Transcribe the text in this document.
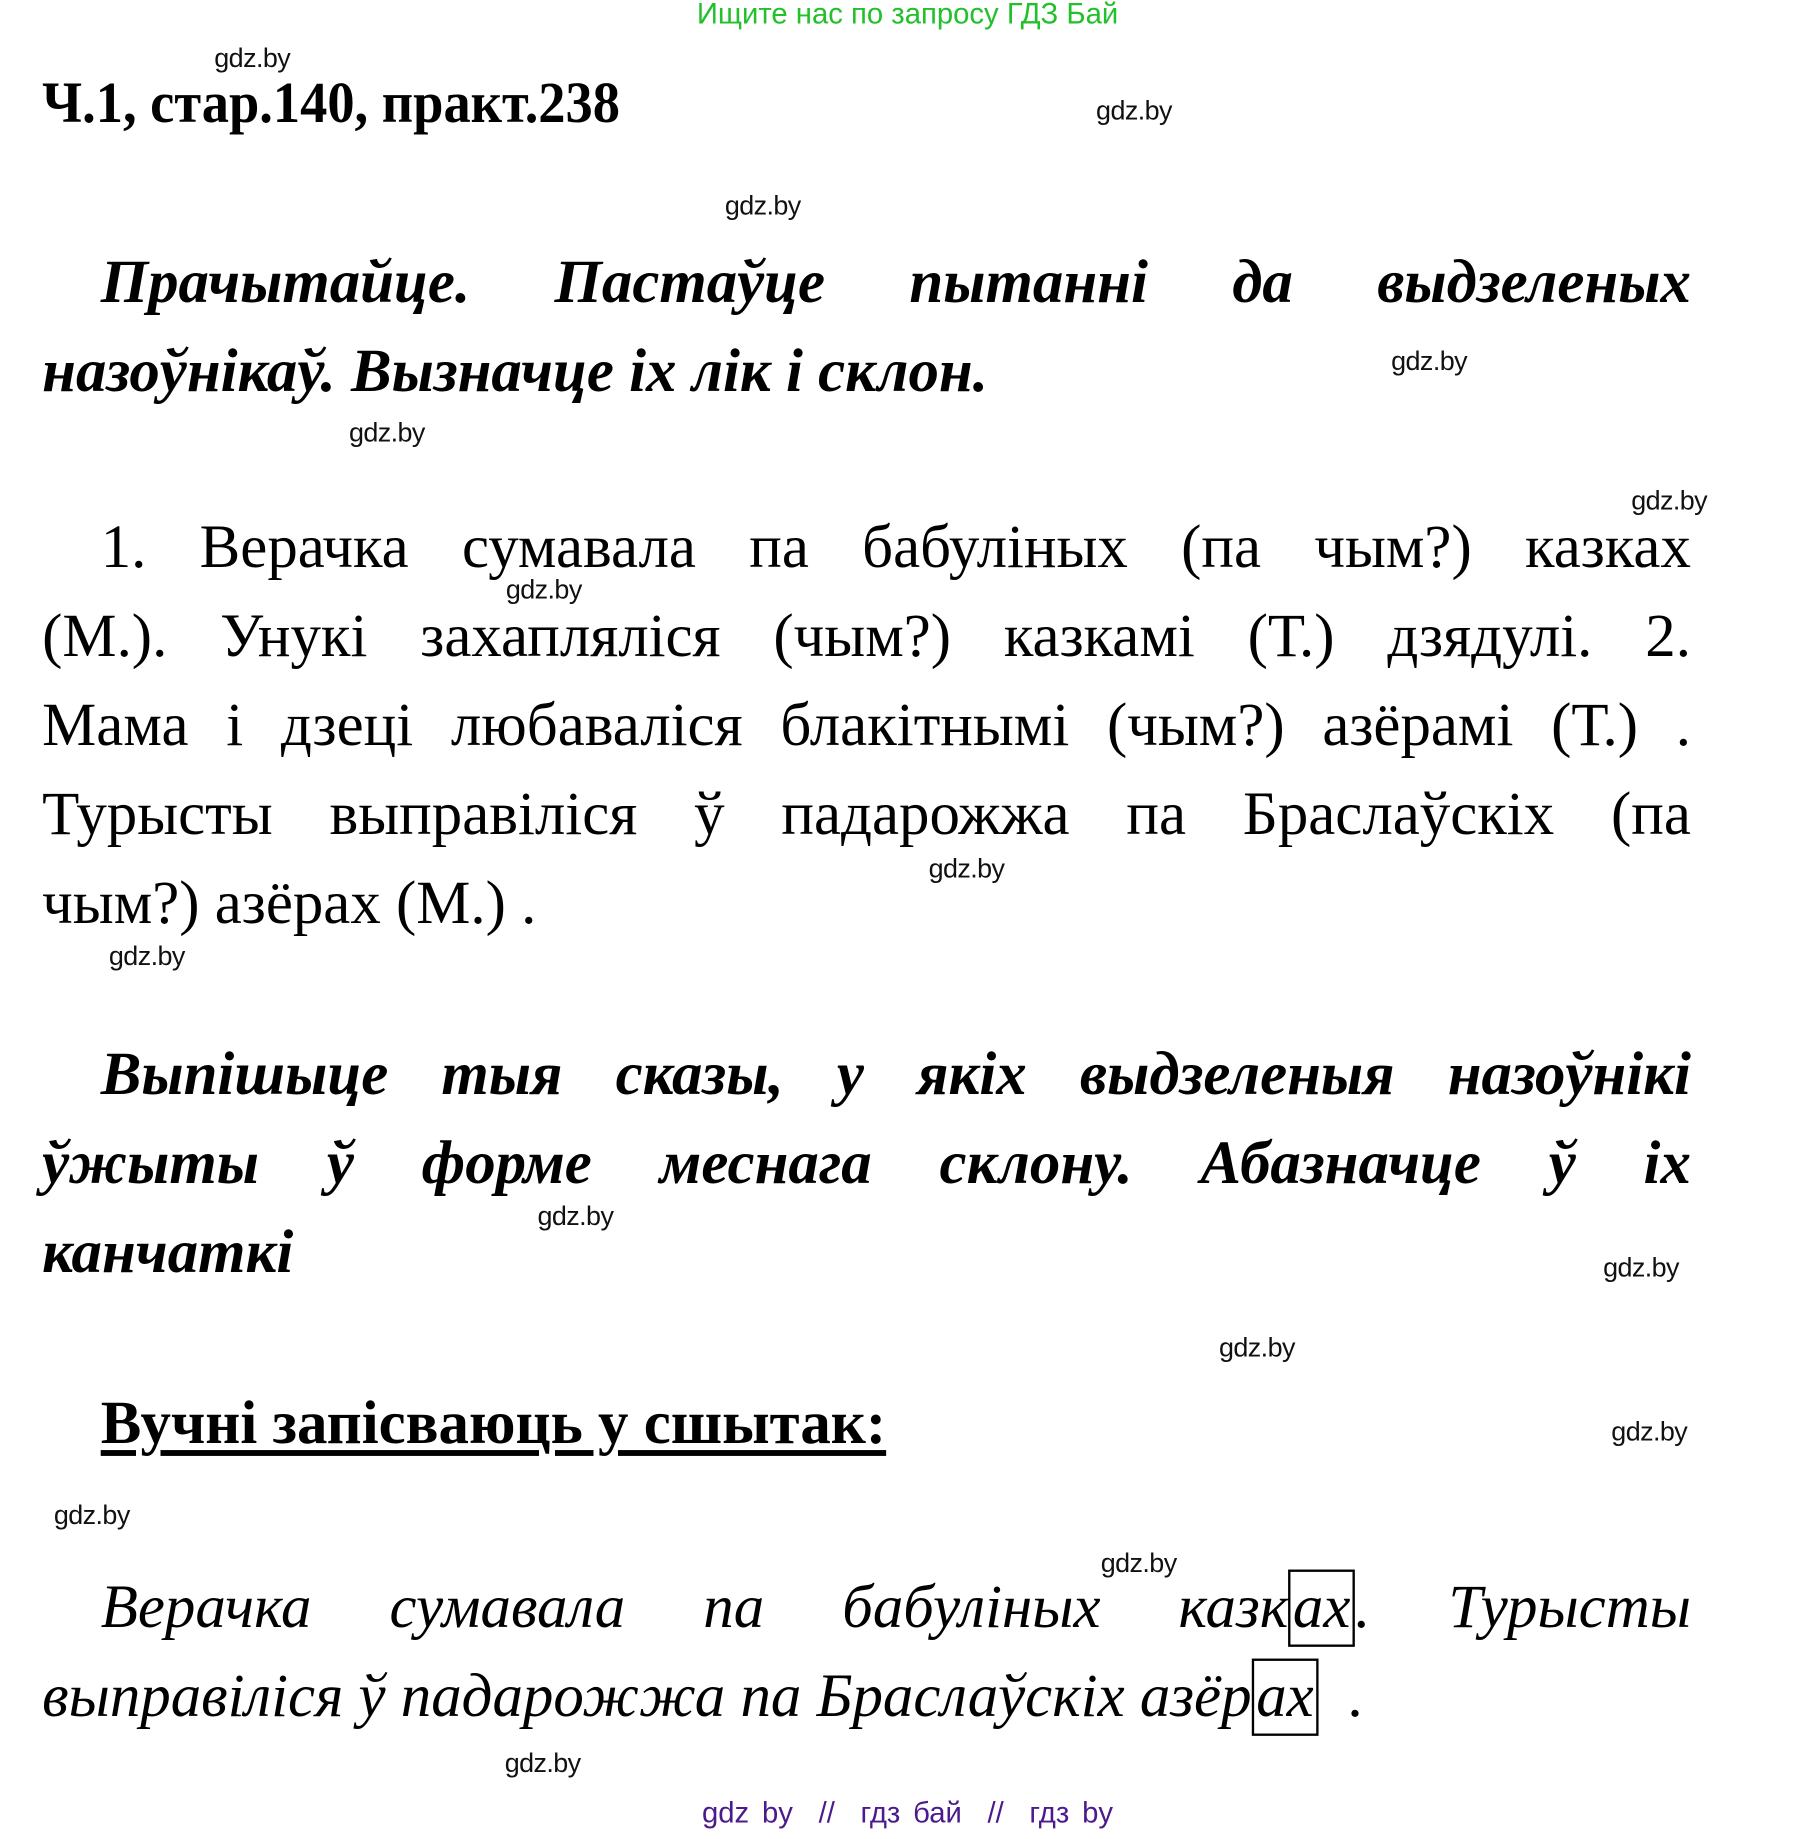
Ищите нас по запросу ГДЗ Бай
Ч.1, стар.140, практ.238
Прачытайце. Пастаўце пытанні да выдзеленых
назоўнікаў. Вызначце іх лік і склон.
1. Верачка сумавала па бабуліных (па чым?) казках
(М.). Унукі захапляліся (чым?) казкамі (Т.) дзядулі. 2.
Мама і дзеці любаваліся блакітнымі (чым?) азёрамі (Т.) .
Турысты выправіліся ў падарожжа па Браслаўскіх (па
чым?) азёрах (М.) .
Выпішыце тыя сказы, у якіх выдзеленыя назоўнікі
ўжыты ў форме меснага склону. Абазначце ў іх
канчаткі
Вучні запісваюць у сшытак:
Верачка сумавала па бабуліных казках. Турысты
выправіліся ў падарожжа па Браслаўскіх азёрах  .
gdz.by
gdz.by
gdz.by
gdz.by
gdz.by
gdz.by
gdz.by
gdz.by
gdz.by
gdz.by
gdz.by
gdz.by
gdz.by
gdz.by
gdz.by
gdz.by
gdz by  //  гдз бай  //  гдз by
